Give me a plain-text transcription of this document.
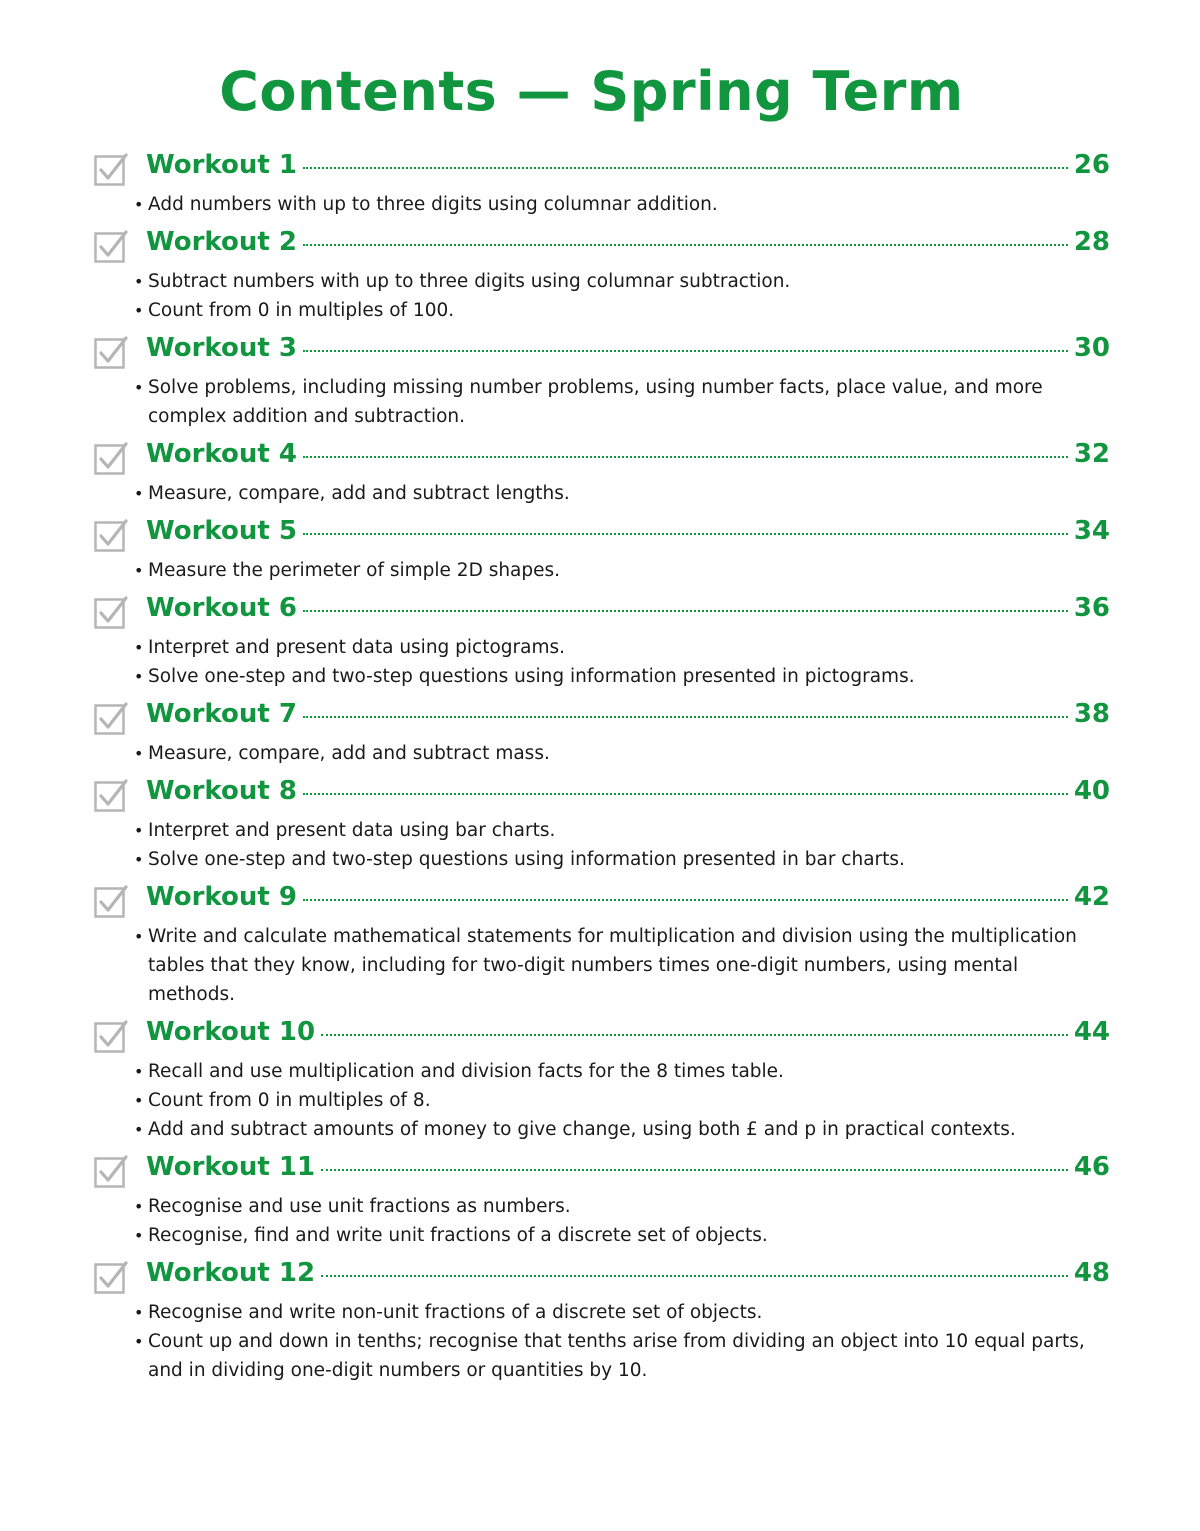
Contents — Spring Term
Workout 1	26
• Add numbers with up to three digits using columnar addition.
Workout 2	28
• Subtract numbers with up to three digits using columnar subtraction.
• Count from 0 in multiples of 100.
Workout 3	30
• Solve problems, including missing number problems, using number facts, place value, and more complex addition and subtraction.
Workout 4	32
• Measure, compare, add and subtract lengths.
Workout 5	34
• Measure the perimeter of simple 2D shapes.
Workout 6	36
• Interpret and present data using pictograms.
• Solve one-step and two-step questions using information presented in pictograms.
Workout 7	38
• Measure, compare, add and subtract mass.
Workout 8	40
• Interpret and present data using bar charts.
• Solve one-step and two-step questions using information presented in bar charts.
Workout 9	42
• Write and calculate mathematical statements for multiplication and division using the multiplication tables that they know, including for two-digit numbers times one-digit numbers, using mental methods.
Workout 10	44
• Recall and use multiplication and division facts for the 8 times table.
• Count from 0 in multiples of 8.
• Add and subtract amounts of money to give change, using both £ and p in practical contexts.
Workout 11	46
• Recognise and use unit fractions as numbers.
• Recognise, find and write unit fractions of a discrete set of objects.
Workout 12	48
• Recognise and write non-unit fractions of a discrete set of objects.
• Count up and down in tenths; recognise that tenths arise from dividing an object into 10 equal parts, and in dividing one-digit numbers or quantities by 10.
